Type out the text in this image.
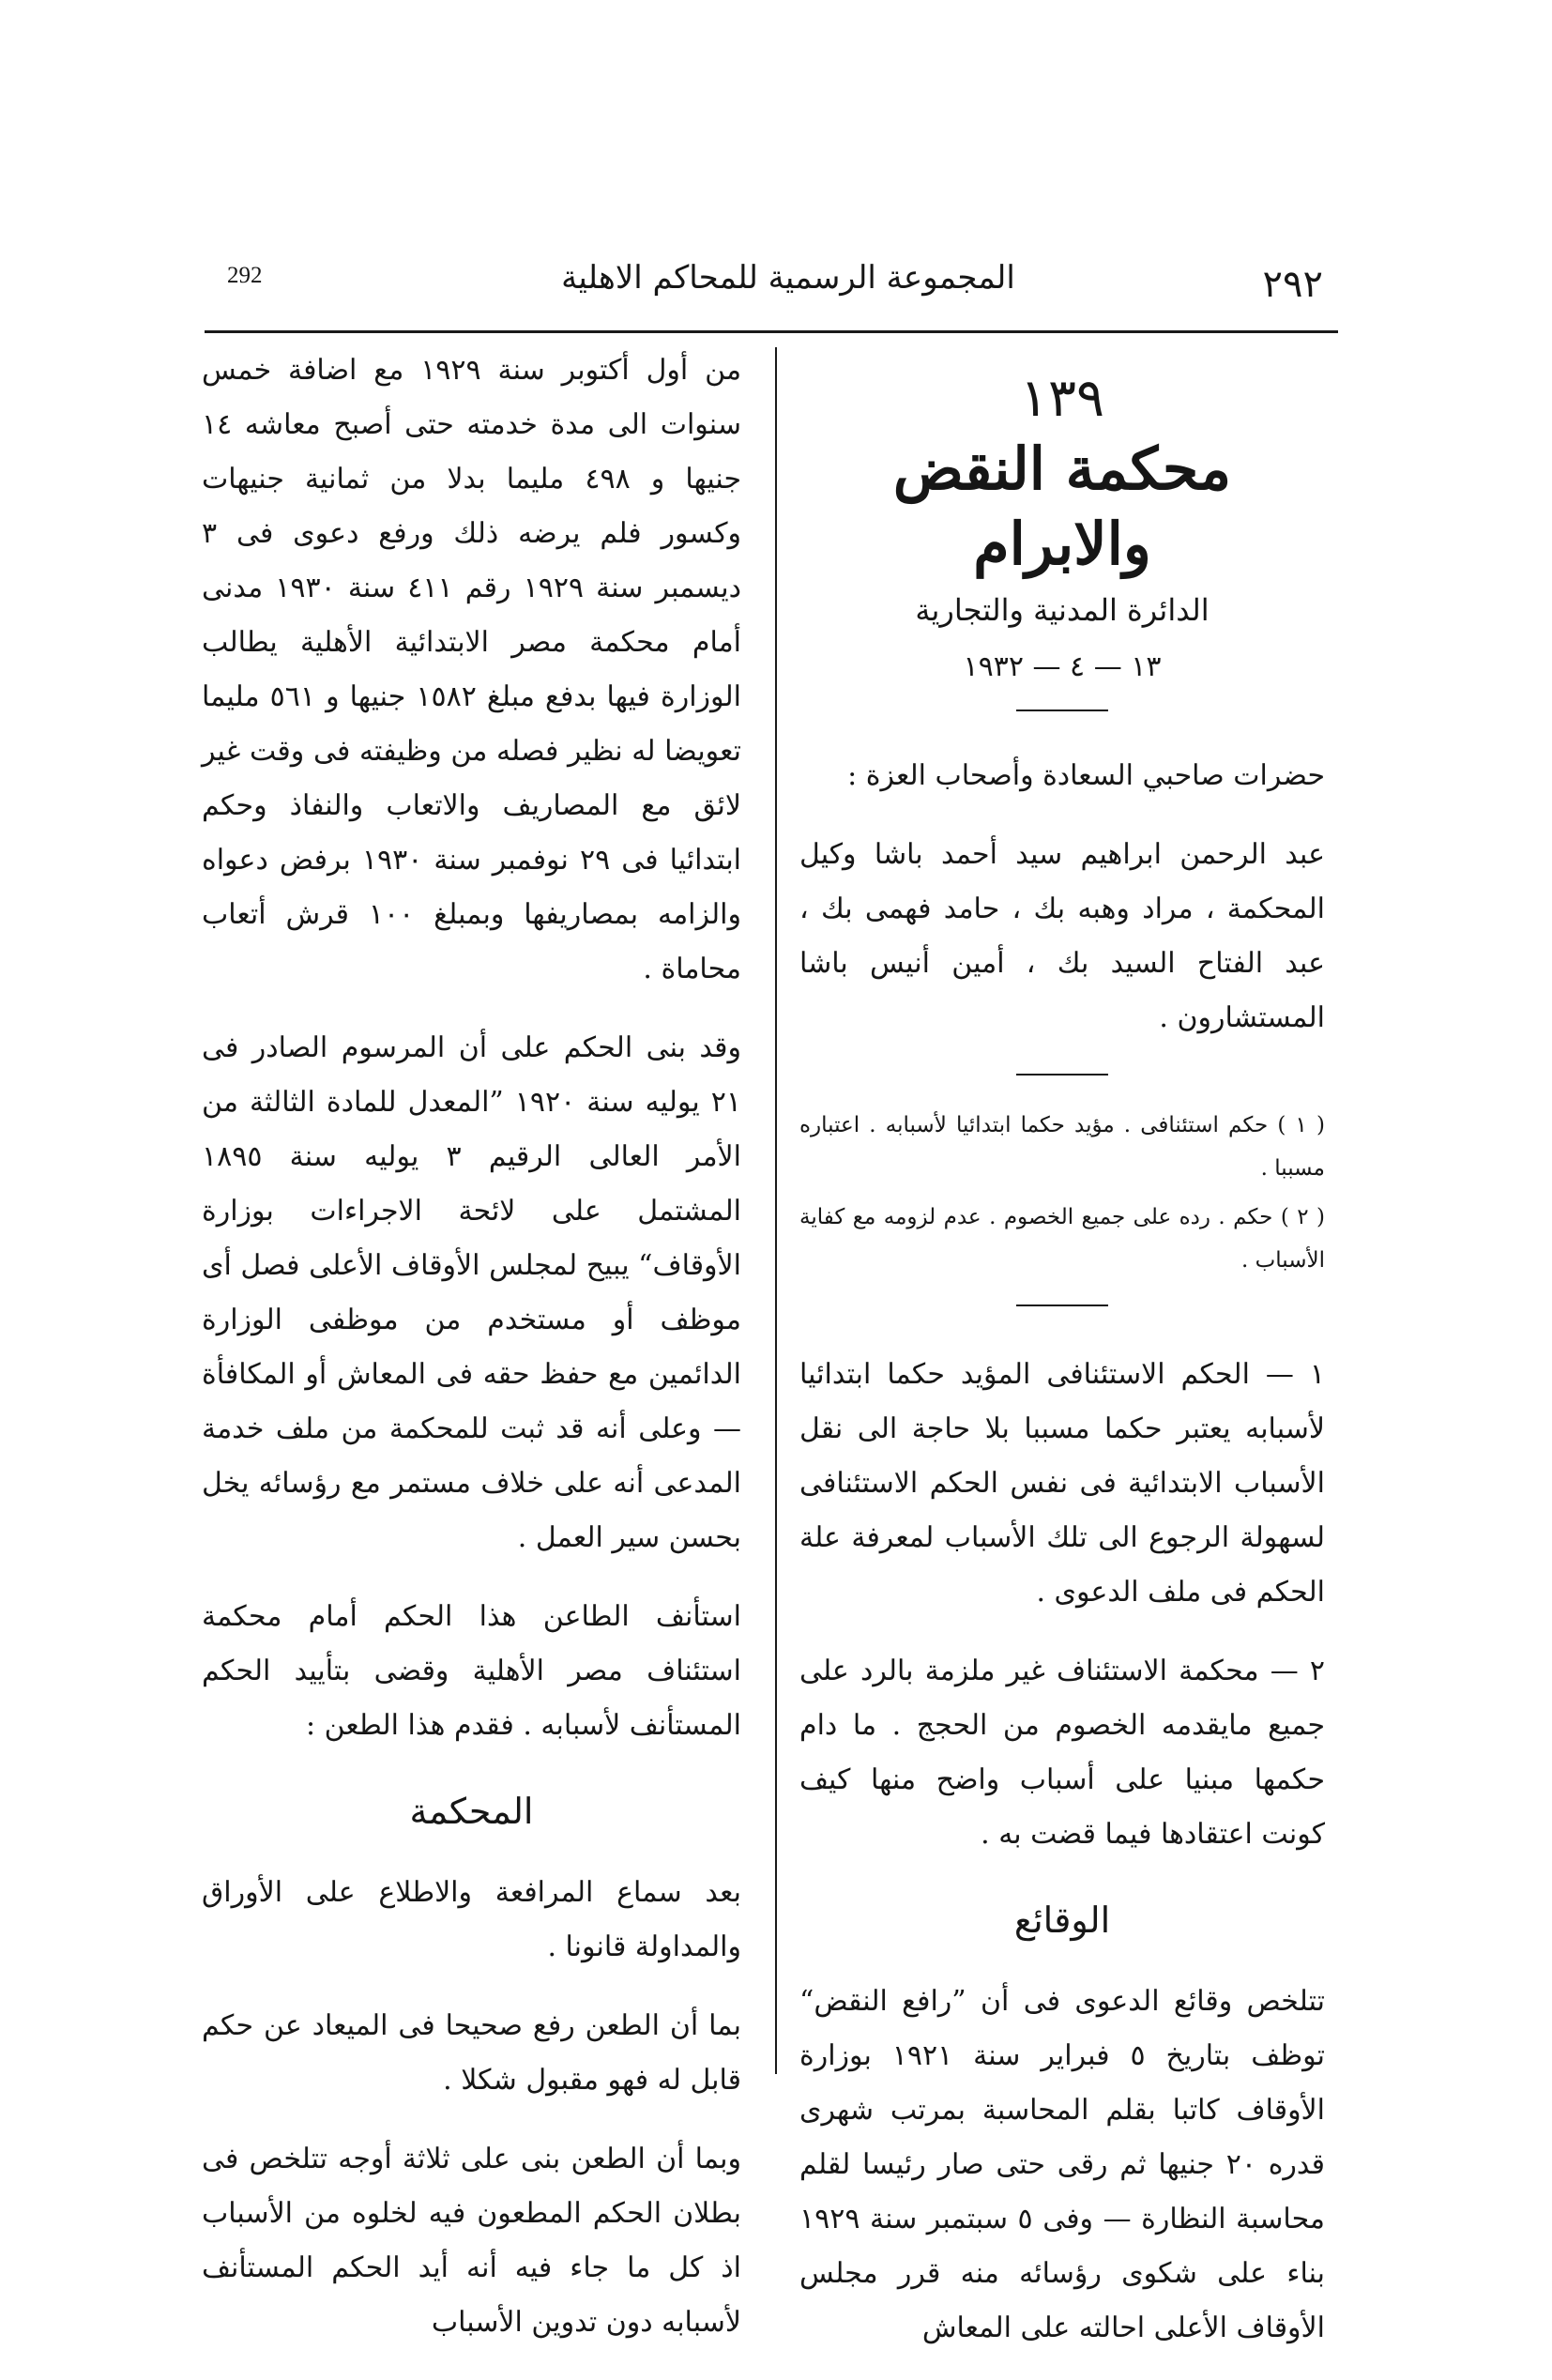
292	المجموعة الرسمية للمحاكم الاهلية	٢٩٢

١٣٩

محكمة النقض والابرام

الدائرة المدنية والتجارية

١٣ — ٤ — ١٩٣٢

حضرات صاحبي السعادة وأصحاب العزة :

عبد الرحمن ابراهيم سيد أحمد باشا وكيل المحكمة ، مراد وهبه بك ، حامد فهمى بك ، عبد الفتاح السيد بك ، أمين أنيس باشا المستشارون .

( ١ ) حكم استئنافى . مؤيد حكما ابتدائيا لأسبابه . اعتباره مسببا .

( ٢ ) حكم . رده على جميع الخصوم . عدم لزومه مع كفاية الأسباب .

١ — الحكم الاستئنافى المؤيد حكما ابتدائيا لأسبابه يعتبر حكما مسببا بلا حاجة الى نقل الأسباب الابتدائية فى نفس الحكم الاستئنافى لسهولة الرجوع الى تلك الأسباب لمعرفة علة الحكم فى ملف الدعوى .

٢ — محكمة الاستئناف غير ملزمة بالرد على جميع مايقدمه الخصوم من الحجج . ما دام حكمها مبنيا على أسباب واضح منها كيف كونت اعتقادها فيما قضت به .

الوقائع

تتلخص وقائع الدعوى فى أن ”رافع النقض“ توظف بتاريخ ٥ فبراير سنة ١٩٢١ بوزارة الأوقاف كاتبا بقلم المحاسبة بمرتب شهرى قدره ٢٠ جنيها ثم رقى حتى صار رئيسا لقلم محاسبة النظارة — وفى ٥ سبتمبر سنة ١٩٢٩ بناء على شكوى رؤسائه منه قرر مجلس الأوقاف الأعلى احالته على المعاش

من أول أكتوبر سنة ١٩٢٩ مع اضافة خمس سنوات الى مدة خدمته حتى أصبح معاشه ١٤ جنيها و ٤٩٨ مليما بدلا من ثمانية جنيهات وكسور فلم يرضه ذلك ورفع دعوى فى ٣ ديسمبر سنة ١٩٢٩ رقم ٤١١ سنة ١٩٣٠ مدنى أمام محكمة مصر الابتدائية الأهلية يطالب الوزارة فيها بدفع مبلغ ١٥٨٢ جنيها و ٥٦١ مليما تعويضا له نظير فصله من وظيفته فى وقت غير لائق مع المصاريف والاتعاب والنفاذ وحكم ابتدائيا فى ٢٩ نوفمبر سنة ١٩٣٠ برفض دعواه والزامه بمصاريفها وبمبلغ ١٠٠ قرش أتعاب محاماة .

وقد بنى الحكم على أن المرسوم الصادر فى ٢١ يوليه سنة ١٩٢٠ ”المعدل للمادة الثالثة من الأمر العالى الرقيم ٣ يوليه سنة ١٨٩٥ المشتمل على لائحة الاجراءات بوزارة الأوقاف“ يبيح لمجلس الأوقاف الأعلى فصل أى موظف أو مستخدم من موظفى الوزارة الدائمين مع حفظ حقه فى المعاش أو المكافأة — وعلى أنه قد ثبت للمحكمة من ملف خدمة المدعى أنه على خلاف مستمر مع رؤسائه يخل بحسن سير العمل .

استأنف الطاعن هذا الحكم أمام محكمة استئناف مصر الأهلية وقضى بتأييد الحكم المستأنف لأسبابه . فقدم هذا الطعن :

المحكمة

بعد سماع المرافعة والاطلاع على الأوراق والمداولة قانونا .

بما أن الطعن رفع صحيحا فى الميعاد عن حكم قابل له فهو مقبول شكلا .

وبما أن الطعن بنى على ثلاثة أوجه تتلخص فى بطلان الحكم المطعون فيه لخلوه من الأسباب اذ كل ما جاء فيه أنه أيد الحكم المستأنف لأسبابه دون تدوين الأسباب
